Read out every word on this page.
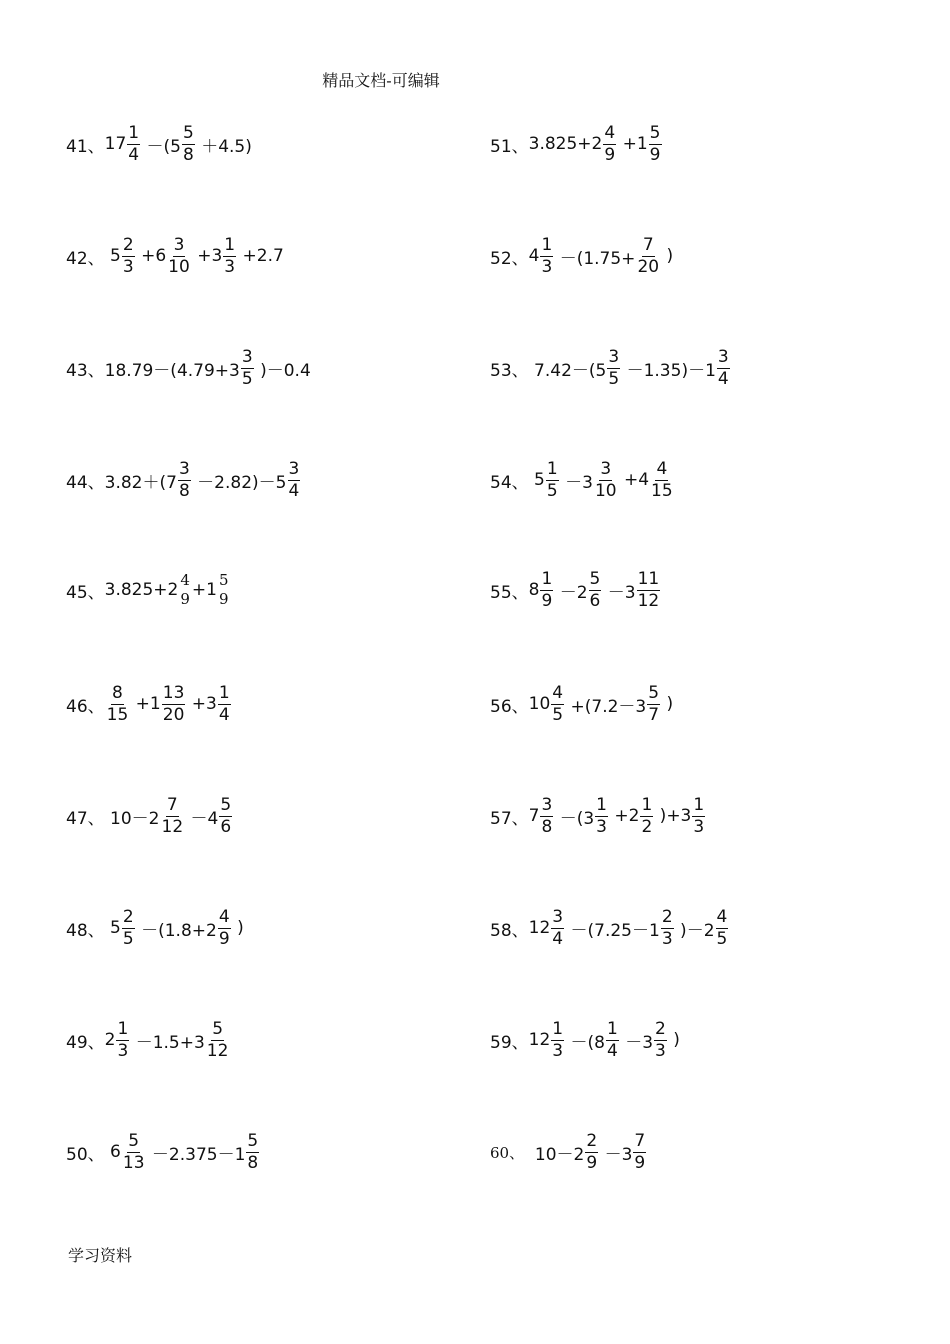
精品文档-可编辑
41、 $17 \frac{1}{4} -(5 \frac{5}{8} +4.5)$
42、 $5 \frac{2}{3} +6 \frac{3}{10} +3 \frac{1}{3} +2.7$
43、 $18.79-(4.79+3 \frac{3}{5} )-0.4$
44、 $3.82+(7 \frac{3}{8} -2.82)-5 \frac{3}{4}$
45、 3.825+2 4
9 +1 5
9
46、 $\frac{8}{15} +1 \frac{13}{20} +3 \frac{1}{4}$
47、 $10-2 \frac{7}{12} -4 \frac{5}{6}$
48、 $5 \frac{2}{5} -(1.8+2 \frac{4}{9}$ )
49、 $2 \frac{1}{3} -1.5+3 \frac{5}{12}$
50、 $6 \frac{5}{13} -2.375-1 \frac{5}{8}$
51、 $3.825+2 \frac{4}{9} +1 \frac{5}{9}$
52、 $4 \frac{1}{3} -(1.75+ \frac{7}{20}$ )
53、 $7.42-(5 \frac{3}{5} -1.35)-1 \frac{3}{4}$
54、 $5 \frac{1}{5} -3 \frac{3}{10} +4 \frac{4}{15}$
55、 $8 \frac{1}{9} -2 \frac{5}{6} -3 \frac{11}{12}$
56、 $10 \frac{4}{5} +(7.2-3 \frac{5}{7}$ )
57、 $7 \frac{3}{8} -(3 \frac{1}{3} +2 \frac{1}{2} )+3 \frac{1}{3}$
58、 $12 \frac{3}{4} -(7.25-1 \frac{2}{3} )-2 \frac{4}{5}$
59、 $12 \frac{1}{3} -(8 \frac{1}{4} -3 \frac{2}{3}$ )
60、 $10-2 \frac{2}{9} -3 \frac{7}{9}$
学习资料
